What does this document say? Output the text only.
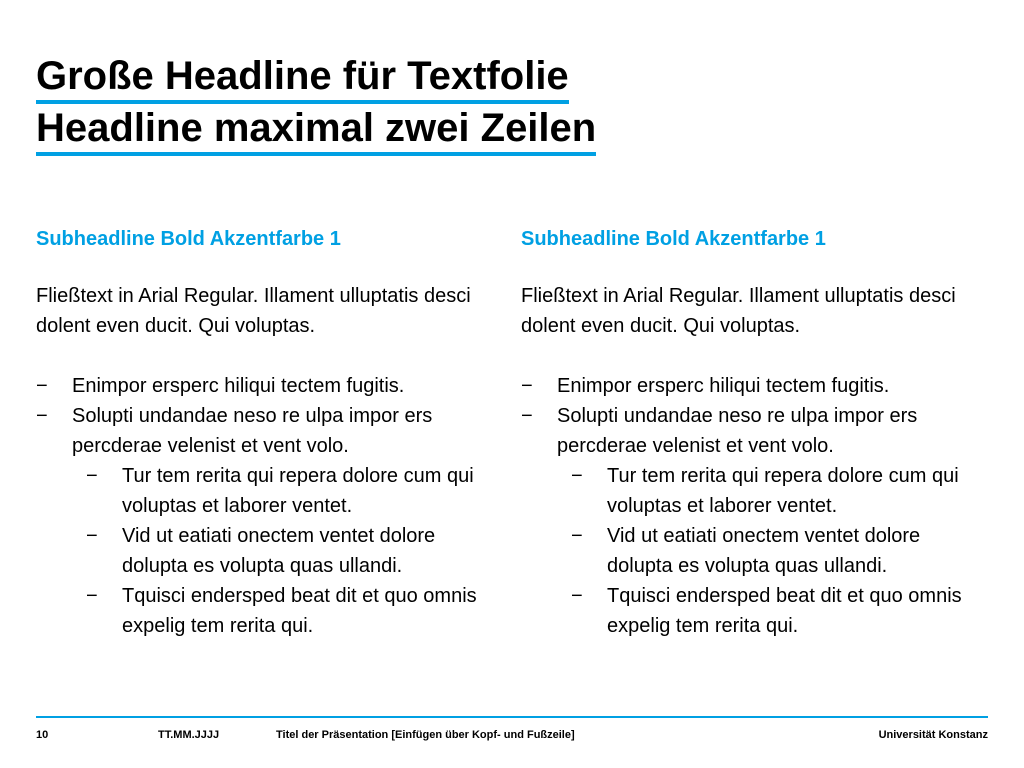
Große Headline für Textfolie
Headline maximal zwei Zeilen

Subheadline Bold Akzentfarbe 1

Fließtext in Arial Regular. Illament ulluptatis desci dolent even ducit. Qui voluptas.

− Enimpor ersperc hiliqui tectem fugitis.
− Solupti undandae neso re ulpa impor ers percderae velenist et vent volo.
− Tur tem rerita qui repera dolore cum qui voluptas et laborer ventet.
− Vid ut eatiati onectem ventet dolore dolupta es volupta quas ullandi.
− Tquisci endersped beat dit et quo omnis expelig tem rerita qui.

Subheadline Bold Akzentfarbe 1

Fließtext in Arial Regular. Illament ulluptatis desci dolent even ducit. Qui voluptas.

− Enimpor ersperc hiliqui tectem fugitis.
− Solupti undandae neso re ulpa impor ers percderae velenist et vent volo.
− Tur tem rerita qui repera dolore cum qui voluptas et laborer ventet.
− Vid ut eatiati onectem ventet dolore dolupta es volupta quas ullandi.
− Tquisci endersped beat dit et quo omnis expelig tem rerita qui.
10	TT.MM.JJJJ	Titel der Präsentation [Einfügen über Kopf- und Fußzeile]	Universität Konstanz
